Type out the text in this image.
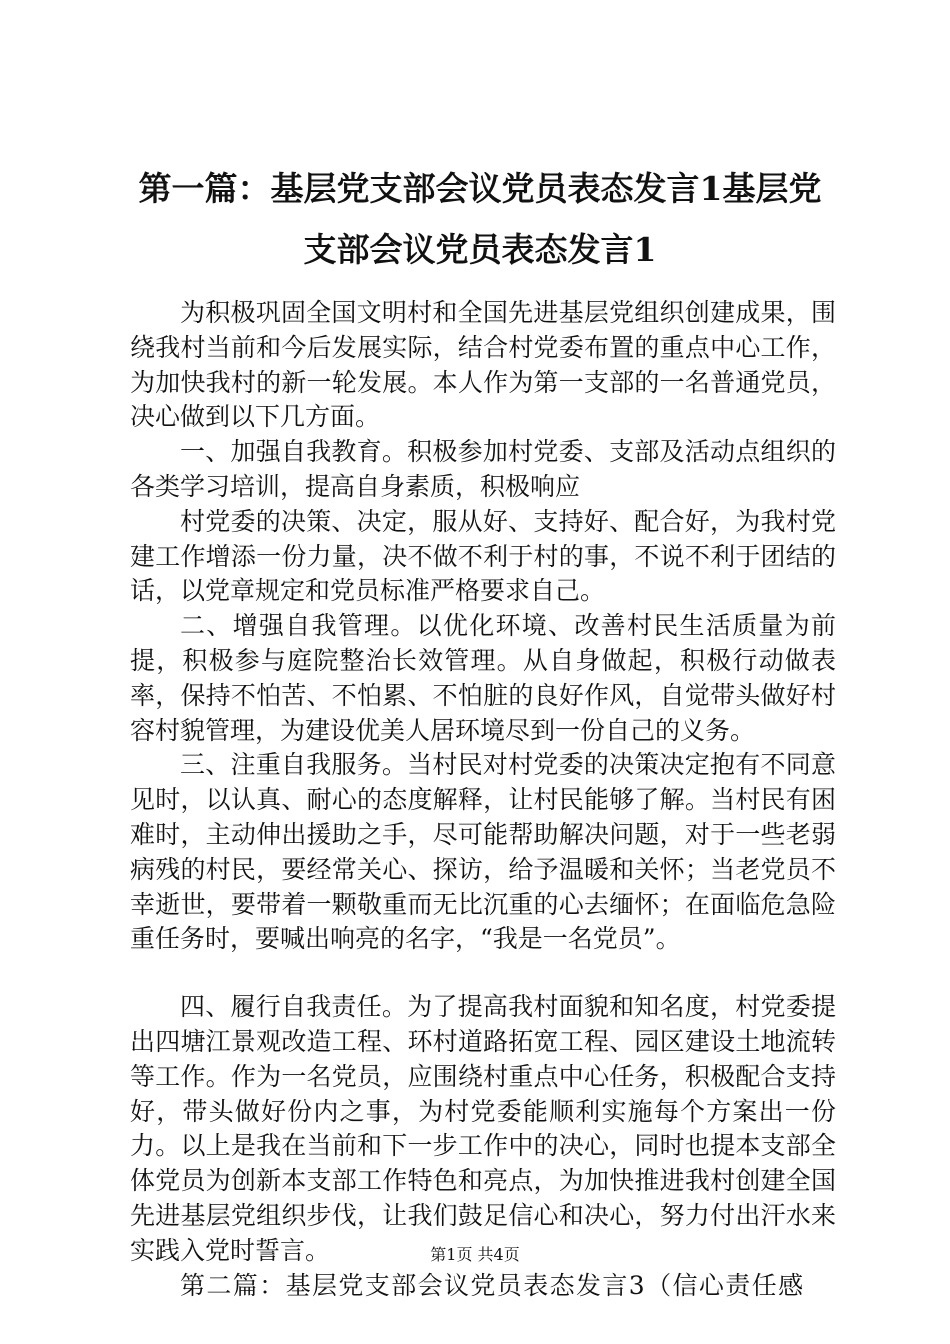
第一篇：基层党支部会议党员表态发言1基层党支部会议党员表态发言1

为积极巩固全国文明村和全国先进基层党组织创建成果，围绕我村当前和今后发展实际，结合村党委布置的重点中心工作，为加快我村的新一轮发展。本人作为第一支部的一名普通党员，决心做到以下几方面。

一、加强自我教育。积极参加村党委、支部及活动点组织的各类学习培训，提高自身素质，积极响应

村党委的决策、决定，服从好、支持好、配合好，为我村党建工作增添一份力量，决不做不利于村的事，不说不利于团结的话，以党章规定和党员标准严格要求自己。

二、增强自我管理。以优化环境、改善村民生活质量为前提，积极参与庭院整治长效管理。从自身做起，积极行动做表率，保持不怕苦、不怕累、不怕脏的良好作风，自觉带头做好村容村貌管理，为建设优美人居环境尽到一份自己的义务。

三、注重自我服务。当村民对村党委的决策决定抱有不同意见时，以认真、耐心的态度解释，让村民能够了解。当村民有困难时，主动伸出援助之手，尽可能帮助解决问题，对于一些老弱病残的村民，要经常关心、探访，给予温暖和关怀；当老党员不幸逝世，要带着一颗敬重而无比沉重的心去缅怀；在面临危急险重任务时，要喊出响亮的名字，“我是一名党员”。

四、履行自我责任。为了提高我村面貌和知名度，村党委提出四塘江景观改造工程、环村道路拓宽工程、园区建设土地流转等工作。作为一名党员，应围绕村重点中心任务，积极配合支持好，带头做好份内之事，为村党委能顺利实施每个方案出一份力。以上是我在当前和下一步工作中的决心，同时也提本支部全体党员为创新本支部工作特色和亮点，为加快推进我村创建全国先进基层党组织步伐，让我们鼓足信心和决心，努力付出汗水来实践入党时誓言。

第二篇：基层党支部会议党员表态发言3（信心责任感

第1页 共4页
